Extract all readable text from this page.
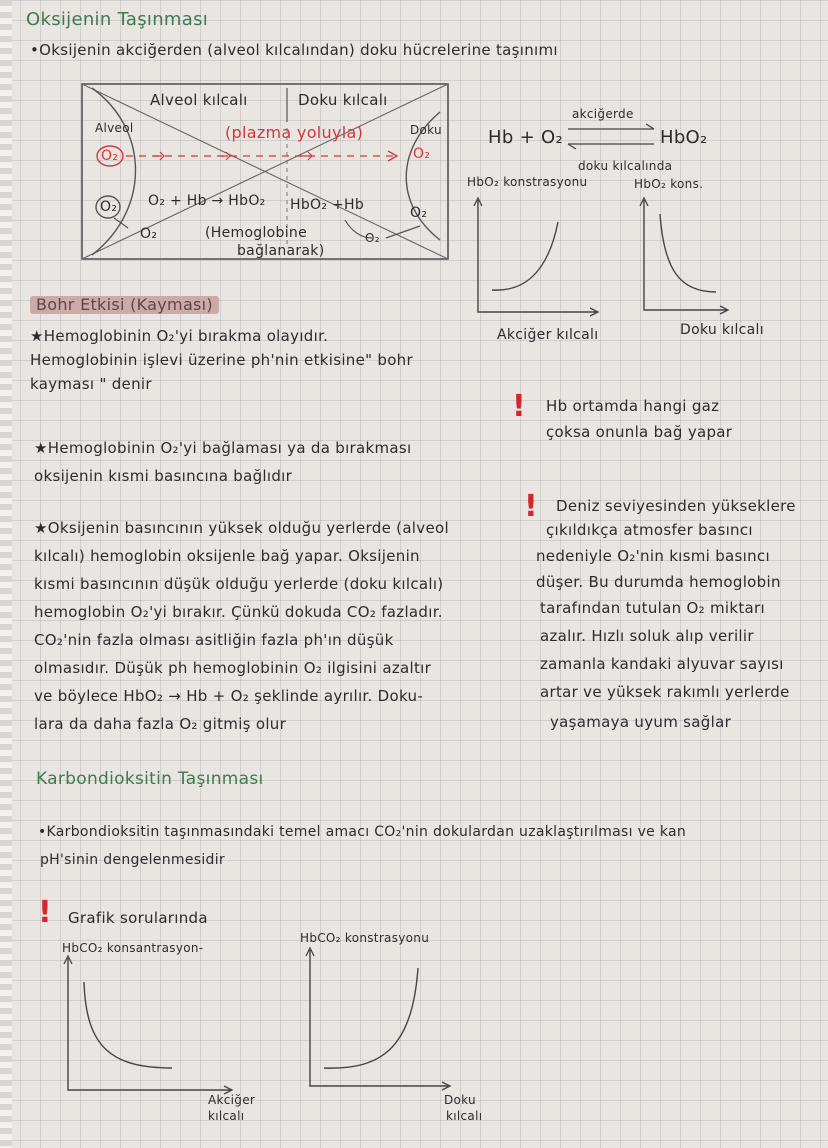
Oksijenin Taşınması
•Oksijenin akciğerden (alveol kılcalından) doku hücrelerine taşınımı
Alveol kılcalı	Doku kılcalı
Alveol	Doku
(plazma yoluyla)
O₂	O₂
O₂ O₂ + Hb → HbO₂ HbO₂ +Hb	O₂
O₂	O₂
(Hemoglobine
bağlanarak)
Hb + O₂	HbO₂
akciğerde
doku kılcalında
HbO₂ konstrasyonu	HbO₂ kons.
Akciğer kılcalı	Doku kılcalı
Bohr Etkisi (Kayması)
★Hemoglobinin O₂'yi bırakma olayıdır.
Hemoglobinin işlevi üzerine ph'nin etkisine" bohr
kayması " denir
★Hemoglobinin O₂'yi bağlaması ya da bırakması
oksijenin kısmi basıncına bağlıdır
★Oksijenin basıncının yüksek olduğu yerlerde (alveol
kılcalı) hemoglobin oksijenle bağ yapar. Oksijenin
kısmi basıncının düşük olduğu yerlerde (doku kılcalı)
hemoglobin O₂'yi bırakır. Çünkü dokuda CO₂ fazladır.
CO₂'nin fazla olması asitliğin fazla ph'ın düşük
olmasıdır. Düşük ph hemoglobinin O₂ ilgisini azaltır
ve böylece HbO₂ → Hb + O₂ şeklinde ayrılır. Doku-
lara da daha fazla O₂ gitmiş olur
! Hb ortamda hangi gaz
çoksa onunla bağ yapar
! Deniz seviyesinden yükseklere
çıkıldıkça atmosfer basıncı
nedeniyle O₂'nin kısmi basıncı
düşer. Bu durumda hemoglobin
tarafından tutulan O₂ miktarı
azalır. Hızlı soluk alıp verilir
zamanla kandaki alyuvar sayısı
artar ve yüksek rakımlı yerlerde
yaşamaya uyum sağlar
Karbondioksitin Taşınması
•Karbondioksitin taşınmasındaki temel amacı CO₂'nin dokulardan uzaklaştırılması ve kan
pH'sinin dengelenmesidir
! Grafik sorularında
HbCO₂ konsantrasyon-
HbCO₂ konstrasyonu
Akciğer
kılcalı
Doku
kılcalı
